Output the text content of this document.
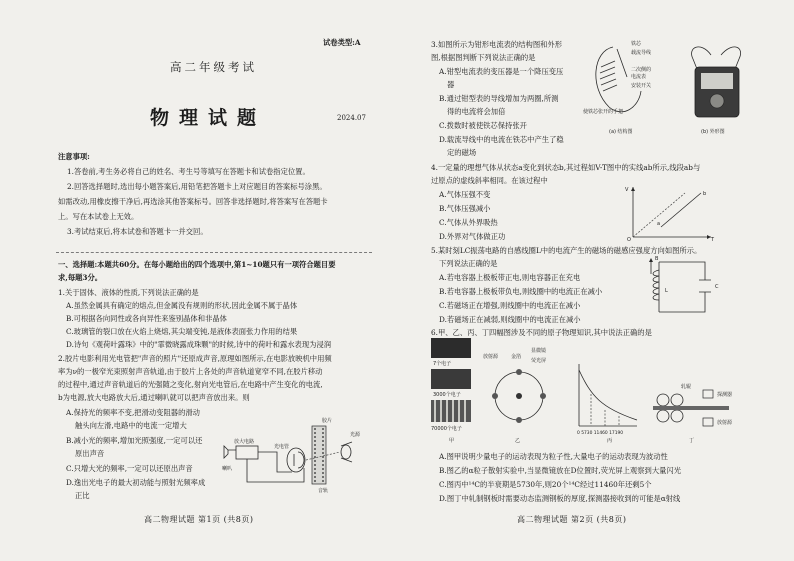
试卷类型:A

高二年级考试

物理试题	2024.07

注意事项:

1.答卷前,考生务必将自己的姓名、考生号等填写在答题卡和试卷指定位置。

2.回答选择题时,选出每小题答案后,用铅笔把答题卡上对应题目的答案标号涂黑。

如需改动,用橡皮擦干净后,再选涂其他答案标号。回答非选择题时,将答案写在答题卡

上。写在本试卷上无效。

3.考试结束后,将本试卷和答题卡一并交回。

一、选择题:本题共60分。在每小题给出的四个选项中,第1~10题只有一项符合题目要

求,每题3分。

1.关于固体、液体的性质,下列说法正确的是

A.虽然金属具有确定的熔点,但金属没有规则的形状,因此金属不属于晶体

B.可根据各向同性或各向异性来鉴别晶体和非晶体

C.玻璃管的裂口放在火焰上烧熔,其尖端变钝,是液体表面张力作用的结果

D.诗句《观荷叶露珠》中的"霏微晓露成珠颗"的时候,诗中的荷叶和露水表现为浸润

2.胶片电影利用光电管把"声音的照片"还原成声音,原理如图所示,在电影放映机中用频

率为ν的一极窄光束照射声音轨道,由于胶片上各处的声音轨道宽窄不同,在胶片移动

的过程中,通过声音轨道后的光强随之变化,射向光电管后,在电路中产生变化的电流,

b为电源,放大电路放大后,通过喇叭就可以把声音放出来。则

A.保持光的频率不变,把滑动变阻器的滑动

触头向左滑,电路中的电流一定增大

B.减小光的频率,增加光照强度,一定可以还

原出声音

C.只增大光的频率,一定可以还原出声音

D.逸出光电子的最大初动能与照射光频率成

正比

放大电路
喇叭
光电管
胶片
音轨
光源

高二物理试题 第1页 (共8页)

3.如图所示为钳形电流表的结构图和外形

图,根据图判断下列说法正确的是

A.钳型电流表的变压器是一个降压变压

器

B.通过钳型表的导线增加为两圈,所测

得的电流将会加倍

C.拨数时被使铁芯保持张开

D.载流导线中的电流在铁芯中产生了稳

定的磁场

铁芯
载流导线
二次侧的
电流表
安装开关
使铁芯张开的手把
(a) 结构图	(b) 外形图

4.一定量的理想气体从状态a变化到状态b,其过程如V-T图中的实线ab所示,线段ab与

过原点的虚线斜率相同。在该过程中

A.气体压强不变

B.气体压强减小

C.气体从外界吸热

D.外界对气体做正功

V
T
O
a
b

5.某时刻LC振荡电路的自感线圈L中的电流产生的磁场的磁感应强度方向如图所示。

下列说法正确的是

A.若电容器上极板带正电,则电容器正在充电

B.若电容器上极板带负电,则线圈中的电流正在减小

C.若磁场正在增强,则线圈中的电流正在减小

D.若磁场正在减弱,则线圈中的电流正在减小

B
L
C

6.甲、乙、丙、丁四幅图涉及不同的原子物理知识,其中说法正确的是

7个电子
3000个电子
70000个电子
甲
放射源	金箔
显微镜
荧光屏
乙
0 5730 11460 17190
丙
轧辊
探测器
放射源
丁

A.图甲说明少量电子的运动表现为粒子性,大量电子的运动表现为波动性

B.图乙的α粒子散射实验中,当显微镜放在D位置时,荧光屏上观察到大量闪光

C.图丙中¹⁴C的半衰期是5730年,则20个¹⁴C经过11460年还剩5个

D.图丁中轧制钢板时需要动态监测钢板的厚度,探测器接收到的可能是α射线

高二物理试题 第2页 (共8页)
